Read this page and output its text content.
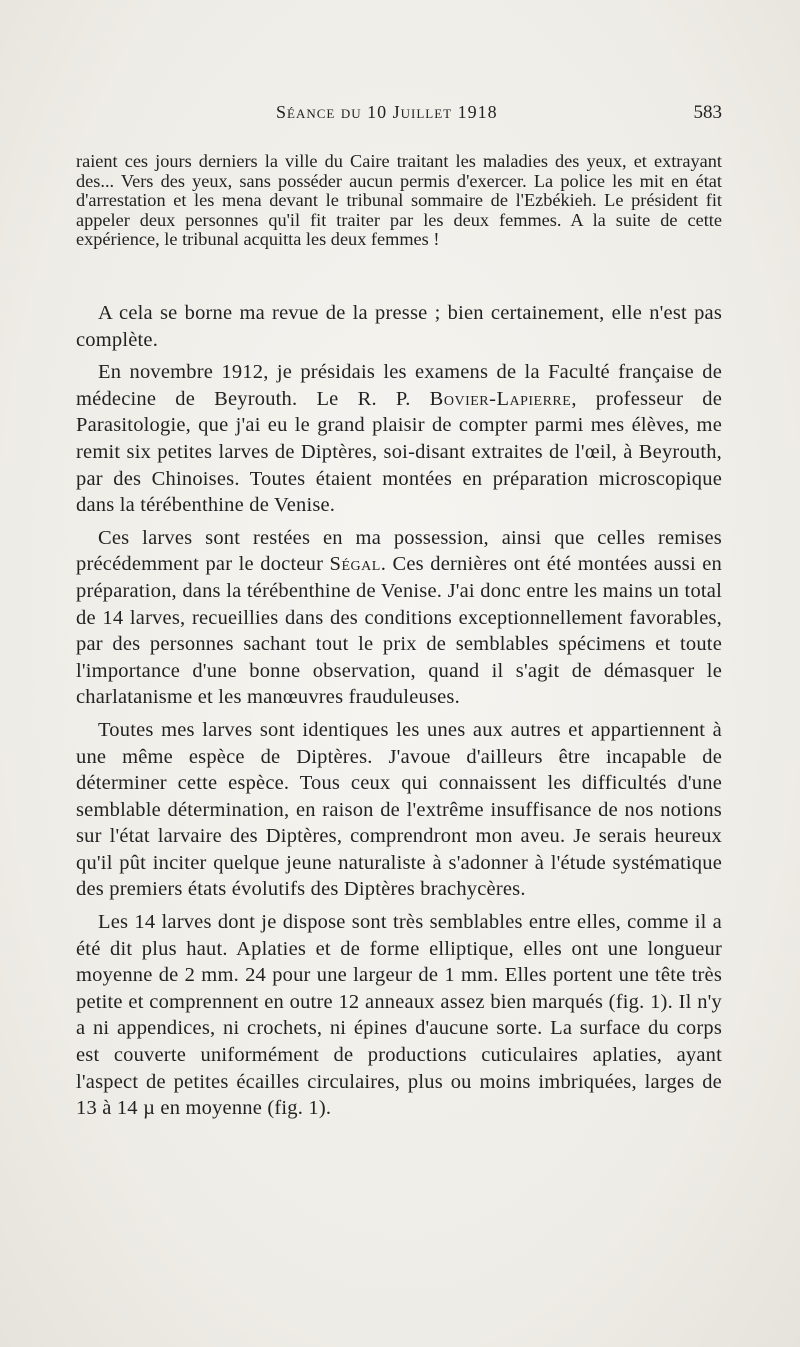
Séance du 10 Juillet 1918	583

raient ces jours derniers la ville du Caire traitant les maladies des yeux, et extrayant des... Vers des yeux, sans posséder aucun permis d'exercer. La police les mit en état d'arrestation et les mena devant le tribunal sommaire de l'Ezbékieh. Le président fit appeler deux personnes qu'il fit traiter par les deux femmes. A la suite de cette expérience, le tribunal acquitta les deux femmes !

A cela se borne ma revue de la presse ; bien certainement, elle n'est pas complète.

En novembre 1912, je présidais les examens de la Faculté française de médecine de Beyrouth. Le R. P. Bovier-Lapierre, professeur de Parasitologie, que j'ai eu le grand plaisir de compter parmi mes élèves, me remit six petites larves de Diptères, soi-disant extraites de l'œil, à Beyrouth, par des Chinoises. Toutes étaient montées en préparation microscopique dans la térébenthine de Venise.

Ces larves sont restées en ma possession, ainsi que celles remises précédemment par le docteur Ségal. Ces dernières ont été montées aussi en préparation, dans la térébenthine de Venise. J'ai donc entre les mains un total de 14 larves, recueillies dans des conditions exceptionnellement favorables, par des personnes sachant tout le prix de semblables spécimens et toute l'importance d'une bonne observation, quand il s'agit de démasquer le charlatanisme et les manœuvres frauduleuses.

Toutes mes larves sont identiques les unes aux autres et appartiennent à une même espèce de Diptères. J'avoue d'ailleurs être incapable de déterminer cette espèce. Tous ceux qui connaissent les difficultés d'une semblable détermination, en raison de l'extrême insuffisance de nos notions sur l'état larvaire des Diptères, comprendront mon aveu. Je serais heureux qu'il pût inciter quelque jeune naturaliste à s'adonner à l'étude systématique des premiers états évolutifs des Diptères brachycères.

Les 14 larves dont je dispose sont très semblables entre elles, comme il a été dit plus haut. Aplaties et de forme elliptique, elles ont une longueur moyenne de 2 mm. 24 pour une largeur de 1 mm. Elles portent une tête très petite et comprennent en outre 12 anneaux assez bien marqués (fig. 1). Il n'y a ni appendices, ni crochets, ni épines d'aucune sorte. La surface du corps est couverte uniformément de productions cuticulaires aplaties, ayant l'aspect de petites écailles circulaires, plus ou moins imbriquées, larges de 13 à 14 µ en moyenne (fig. 1).
